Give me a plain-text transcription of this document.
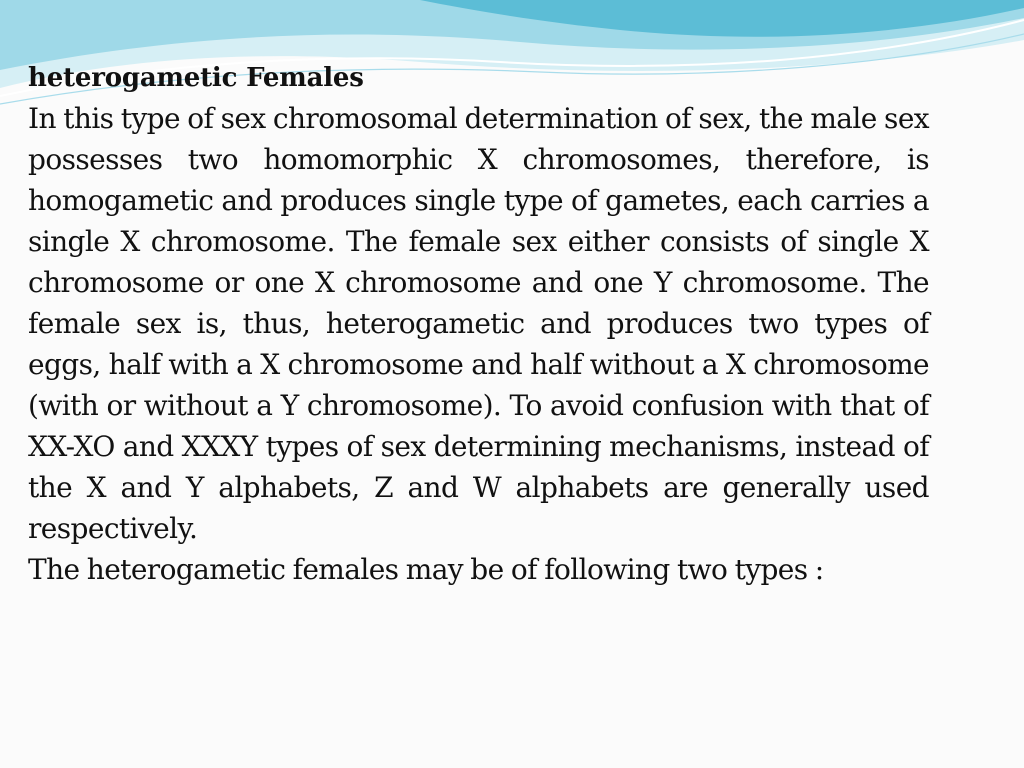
heterogametic Females

In this type of sex chromosomal determination of sex, the male sex possesses two homomorphic X chromosomes, therefore, is homogametic and produces single type of gametes, each carries a single X chromosome. The female sex either consists of single X chromosome or one X chromosome and one Y chromosome. The female sex is, thus, heterogametic and produces two types of eggs, half with a X chromosome and half without a X chromosome (with or without a Y chromosome). To avoid confusion with that of XX-XO and XXXY types of sex determining mechanisms, instead of the X and Y alphabets, Z and W alphabets are generally used respectively.

The heterogametic females may be of following two types :
